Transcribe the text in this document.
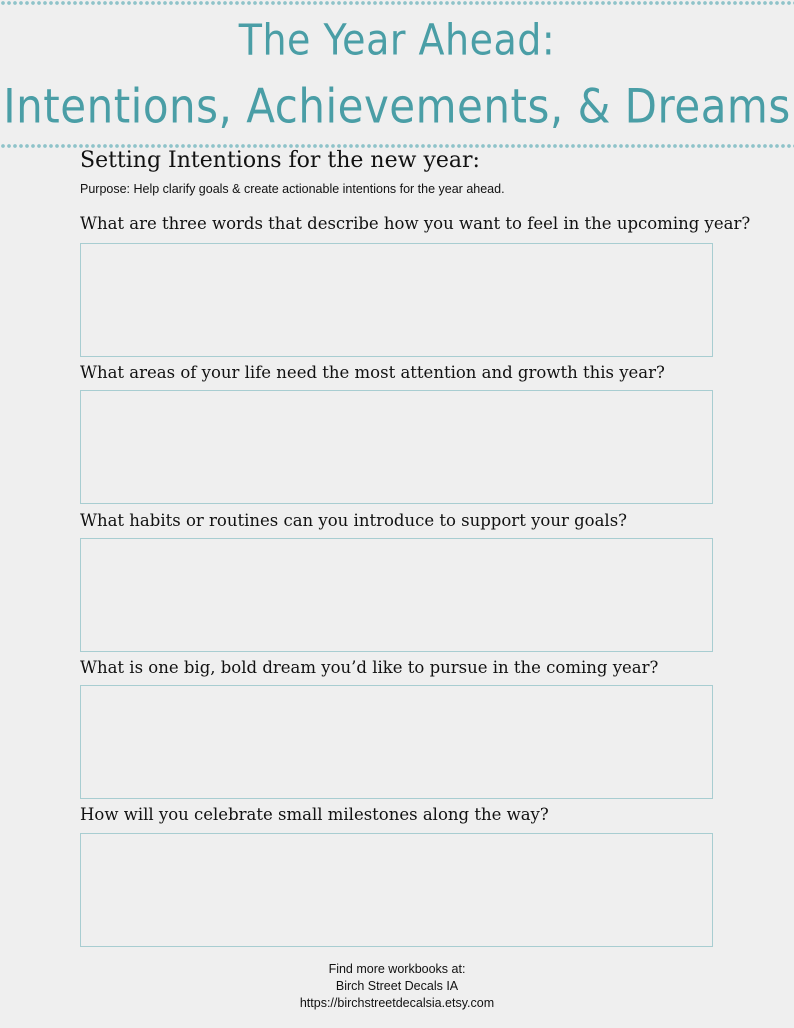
The Year Ahead:
Intentions, Achievements, & Dreams
Setting Intentions for the new year:
Purpose: Help clarify goals & create actionable intentions for the year ahead.
What are three words that describe how you want to feel in the upcoming year?
What areas of your life need the most attention and growth this year?
What habits or routines can you introduce to support your goals?
What is one big, bold dream you’d like to pursue in the coming year?
How will you celebrate small milestones along the way?
Find more workbooks at:
Birch Street Decals IA
https://birchstreetdecalsia.etsy.com
